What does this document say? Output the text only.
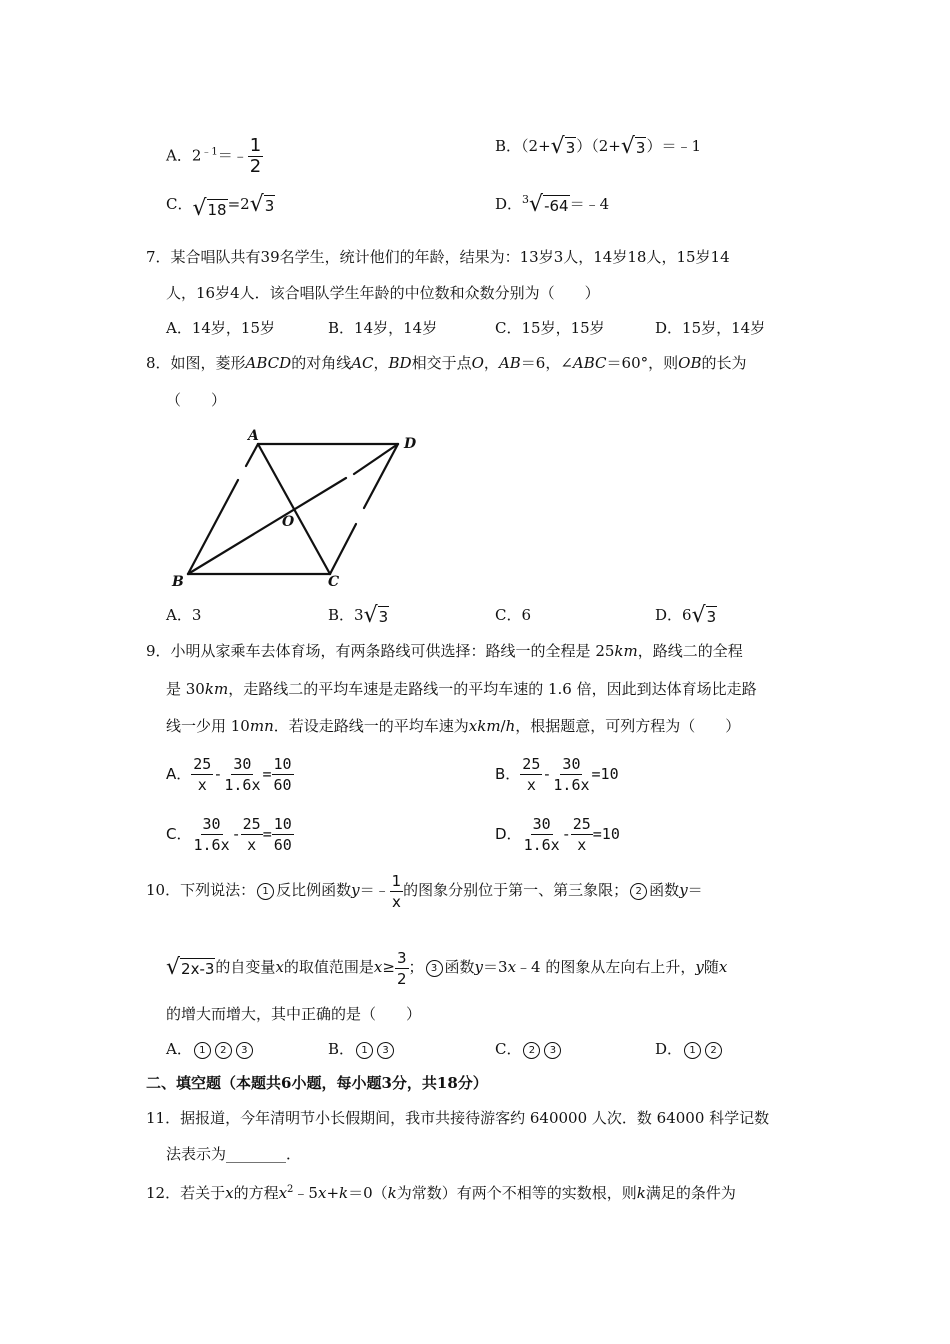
A．$2^{﹣1}=﹣ \frac{1}{2}$	B．（2+ √ 3 ）（2+ √ 3 ）＝﹣1
C． √ 18 =2 √ 3	D．$^3$ √ -64 ＝﹣4
7．某合唱队共有39名学生，统计他们的年龄，结果为：13岁3人，14岁18人，15岁14
人，16岁4人．该合唱队学生年龄的中位数和众数分别为（　　）
A．14岁，15岁	B．14岁，14岁	C．15岁，15岁	D．15岁，14岁
8．如图，菱形ABCD的对角线AC，BD相交于点O，AB＝6，∠ABC＝60°，则OB的长为
（　　）
A	D
B	C
O
A．3	B．3 √ 3	C．6	D．6 √ 3
9．小明从家乘车去体育场，有两条路线可供选择：路线一的全程是 25km，路线二的全程
是 30km，走路线二的平均车速是走路线一的平均车速的 1.6 倍，因此到达体育场比走路
线一少用 10mn．若设走路线一的平均车速为xkm/h，根据题意，可列方程为（　　）
A． $\frac{25}{x} - \frac{30}{1.6x} = \frac{10}{60}$	B． $\frac{25}{x} - \frac{30}{1.6x} =10$
C． $\frac{30}{1.6x} - \frac{25}{x} = \frac{10}{60}$	D． $\frac{30}{1.6x} - \frac{25}{x} =10$
10．下列说法： 1 反比例函数y＝﹣ $\frac{1}{x}$ 的图象分别位于第一、第三象限； 2 函数y＝
√ 2x-3 的自变量x的取值范围是$x\ge \frac{3}{2}$ ； 3 函数y＝3x﹣4 的图象从左向右上升，y随x
的增大而增大，其中正确的是（　　）
A． 1 2 3	B． 1 3	C． 2 3	D． 1 2
二、填空题（本题共6小题，每小题3分，共18分）
11．据报道，今年清明节小长假期间，我市共接待游客约 640000 人次．数 64000 科学记数
法表示为________．
12．若关于x的方程$x^2﹣5x+k=0(k$为常数）有两个不相等的实数根，则k满足的条件为
